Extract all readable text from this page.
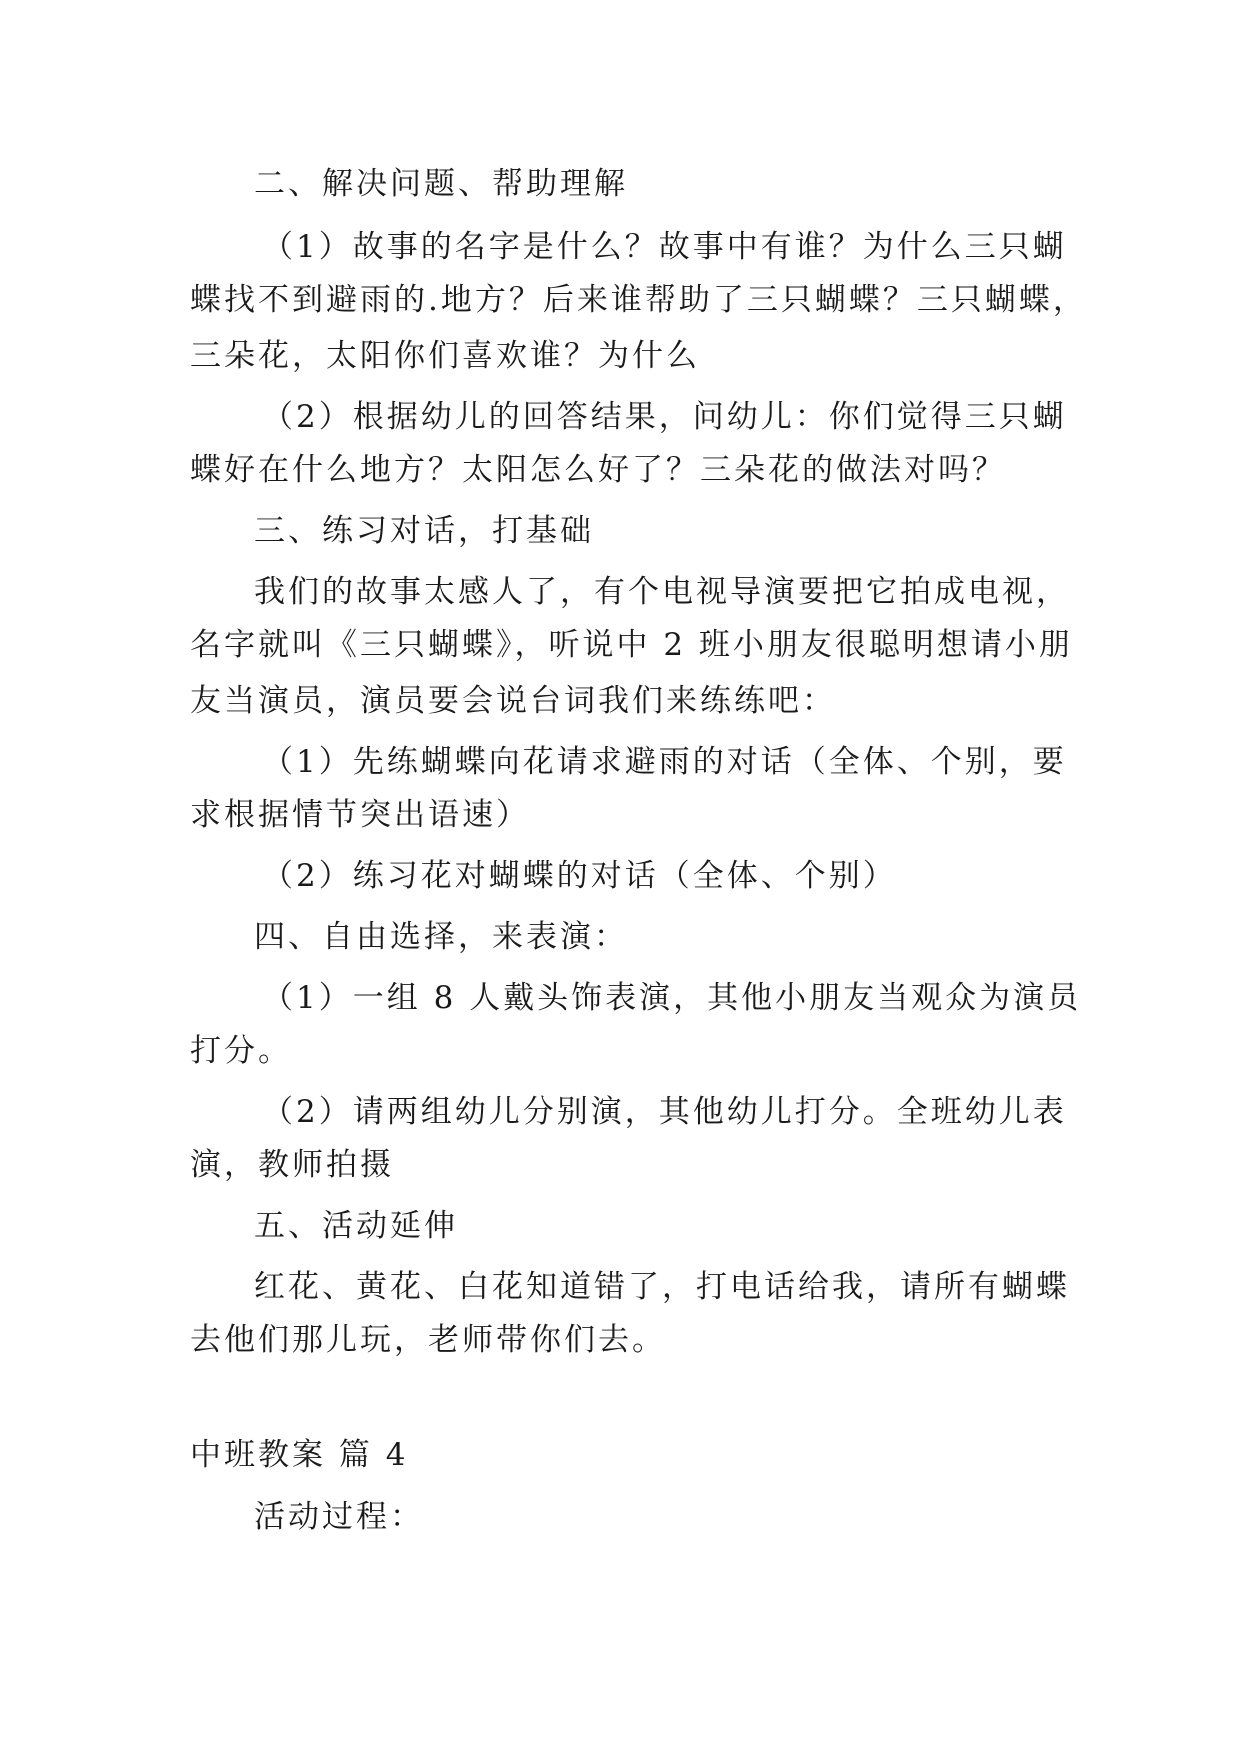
二、解决问题、帮助理解
（1）故事的名字是什么？故事中有谁？为什么三只蝴
蝶找不到避雨的.地方？后来谁帮助了三只蝴蝶？三只蝴蝶，
三朵花，太阳你们喜欢谁？为什么
（2）根据幼儿的回答结果，问幼儿：你们觉得三只蝴
蝶好在什么地方？太阳怎么好了？三朵花的做法对吗？
三、练习对话，打基础
我们的故事太感人了，有个电视导演要把它拍成电视，
名字就叫《三只蝴蝶》，听说中 2 班小朋友很聪明想请小朋
友当演员，演员要会说台词我们来练练吧：
（1）先练蝴蝶向花请求避雨的对话（全体、个别，要
求根据情节突出语速）
（2）练习花对蝴蝶的对话（全体、个别）
四、自由选择，来表演：
（1）一组 8 人戴头饰表演，其他小朋友当观众为演员
打分。
（2）请两组幼儿分别演，其他幼儿打分。全班幼儿表
演，教师拍摄
五、活动延伸
红花、黄花、白花知道错了，打电话给我，请所有蝴蝶
去他们那儿玩，老师带你们去。
中班教案 篇 4
活动过程：
